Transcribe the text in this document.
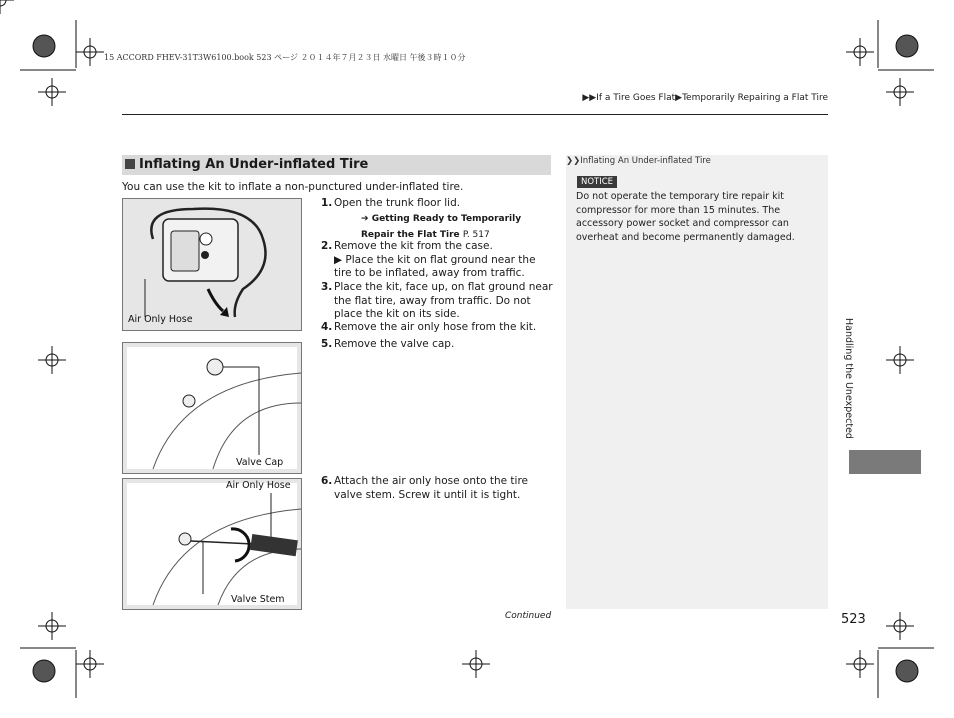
15 ACCORD FHEV-31T3W6100.book 523 ページ ２０１４年７月２３日 水曜日 午後３時１０分
▶▶If a Tire Goes Flat▶Temporarily Repairing a Flat Tire
Inflating An Under-inflated Tire
You can use the kit to inflate a non-punctured under-inflated tire.
Air Only Hose
Valve Cap
Air Only Hose
Valve Stem
1. Open the trunk floor lid.
➔ Getting Ready to Temporarily Repair the Flat Tire P. 517
2. Remove the kit from the case.
▶ Place the kit on flat ground near the tire to be inflated, away from traffic.
3. Place the kit, face up, on flat ground near the flat tire, away from traffic. Do not place the kit on its side.
4. Remove the air only hose from the kit.
5. Remove the valve cap.
6. Attach the air only hose onto the tire valve stem. Screw it until it is tight.
❯❯Inflating An Under-inflated Tire
NOTICE
Do not operate the temporary tire repair kit compressor for more than 15 minutes. The accessory power socket and compressor can overheat and become permanently damaged.
Continued	523
Handling the Unexpected
